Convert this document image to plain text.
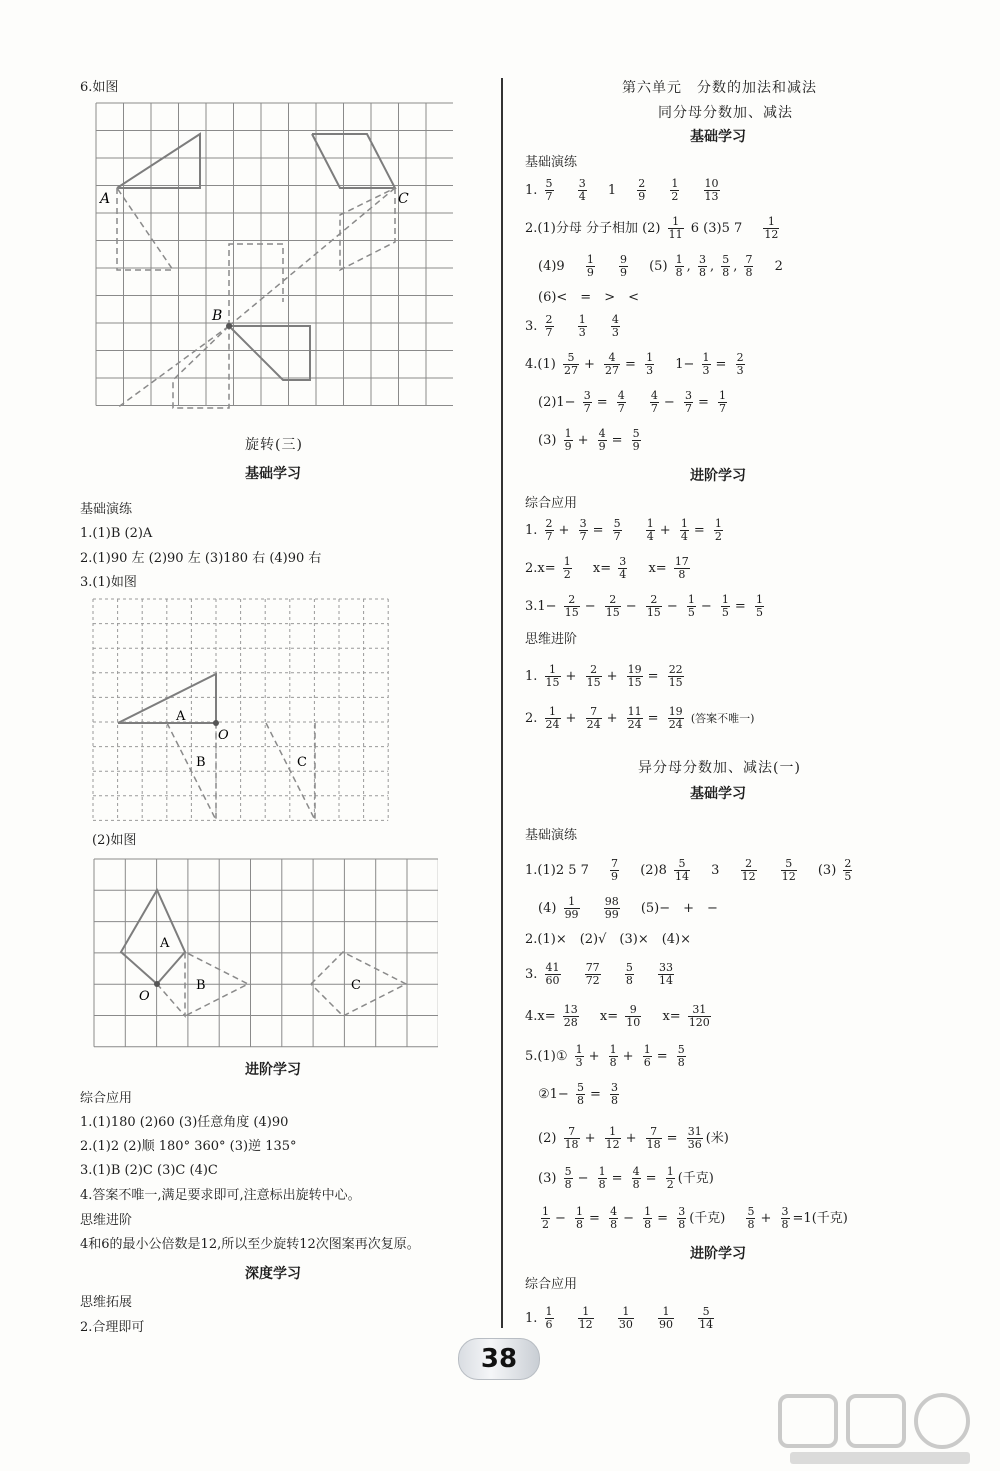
6.如图
A
B
C
旋转(三)
基础学习
基础演练
1.(1)B (2)A
2.(1)90 左 (2)90 左 (3)180 右 (4)90 右
3.(1)如图
A
B	C
O
(2)如图
A
B	C
O
进阶学习
综合应用
1.(1)180 (2)60 (3)任意角度 (4)90
2.(1)2 (2)顺 180° 360° (3)逆 135°
3.(1)B (2)C (3)C (4)C
4.答案不唯一,满足要求即可,注意标出旋转中心。
思维进阶
4和6的最小公倍数是12,所以至少旋转12次图案再次复原。
深度学习
思维拓展
2.合理即可
第六单元　分数的加法和减法
同分母分数加、减法
基础学习
基础演练
1. $\frac{5}{7}$
$\frac{3}{4} 1 \frac{2}{9}$
$\frac{1}{2}$
$\frac{10}{13}$
2.(1)分母 分子相加 $(2) \frac{1}{11} 6$ (3)5 $7 \frac{1}{12}$
$(4)9 \frac{1}{9}$
$\frac{9}{9} (5) \frac{1}{8}$ , $\frac{3}{8}$ , $\frac{5}{8}$ , $\frac{7}{8} 2$
(6)<　=　>　<
3. $\frac{2}{7}$
$\frac{1}{3}$
$\frac{4}{3}$
$4.(1) \frac{5}{27} + \frac{4}{27} = \frac{1}{3} 1- \frac{1}{3} = \frac{2}{3}$
$(2)1- \frac{3}{7} = \frac{4}{7}$
$\frac{4}{7} - \frac{3}{7} = \frac{1}{7}$
$(3) \frac{1}{9} + \frac{4}{9} = \frac{5}{9}$
进阶学习
综合应用
1. $\frac{2}{7} + \frac{3}{7} = \frac{5}{7}$
$\frac{1}{4} + \frac{1}{4} = \frac{1}{2}$
$2.x= \frac{1}{2} x= \frac{3}{4} x= \frac{17}{8}$
$3.1- \frac{2}{15} - \frac{2}{15} - \frac{2}{15} - \frac{1}{5} - \frac{1}{5} = \frac{1}{5}$
思维进阶
1. $\frac{1}{15} + \frac{2}{15} + \frac{19}{15} = \frac{22}{15}$
2. $\frac{1}{24} + \frac{7}{24} + \frac{11}{24} = \frac{19}{24}$ (答案不唯一)
异分母分数加、减法(一)
基础学习
基础演练
1.(1)2 5 $7 \frac{7}{9} (2)8 \frac{5}{14} 3 \frac{2}{12}$
$\frac{5}{12} (3) \frac{2}{5}$
$(4) \frac{1}{99}$
$\frac{98}{99} (5)-$　+　−
2.(1)×　(2)√　(3)×　(4)×
3. $\frac{41}{60}$
$\frac{77}{72}$
$\frac{5}{8}$
$\frac{33}{14}$
$4.x= \frac{13}{28} x= \frac{9}{10} x= \frac{31}{120}$
5.(1)① $\frac{1}{3} + \frac{1}{8} + \frac{1}{6} = \frac{5}{8}$
②1− $\frac{5}{8} = \frac{3}{8}$
$(2) \frac{7}{18} + \frac{1}{12} + \frac{7}{18} = \frac{31}{36}$ (米)
$(3) \frac{5}{8} - \frac{1}{8} = \frac{4}{8} = \frac{1}{2}$ (千克)
$\frac{1}{2} - \frac{1}{8} = \frac{4}{8} - \frac{1}{8} = \frac{3}{8}$ (千克) $\frac{5}{8} + \frac{3}{8} =1$(千克)
进阶学习
综合应用
1. $\frac{1}{6}$
$\frac{1}{12}$
$\frac{1}{30}$
$\frac{1}{90}$
$\frac{5}{14}$
38
